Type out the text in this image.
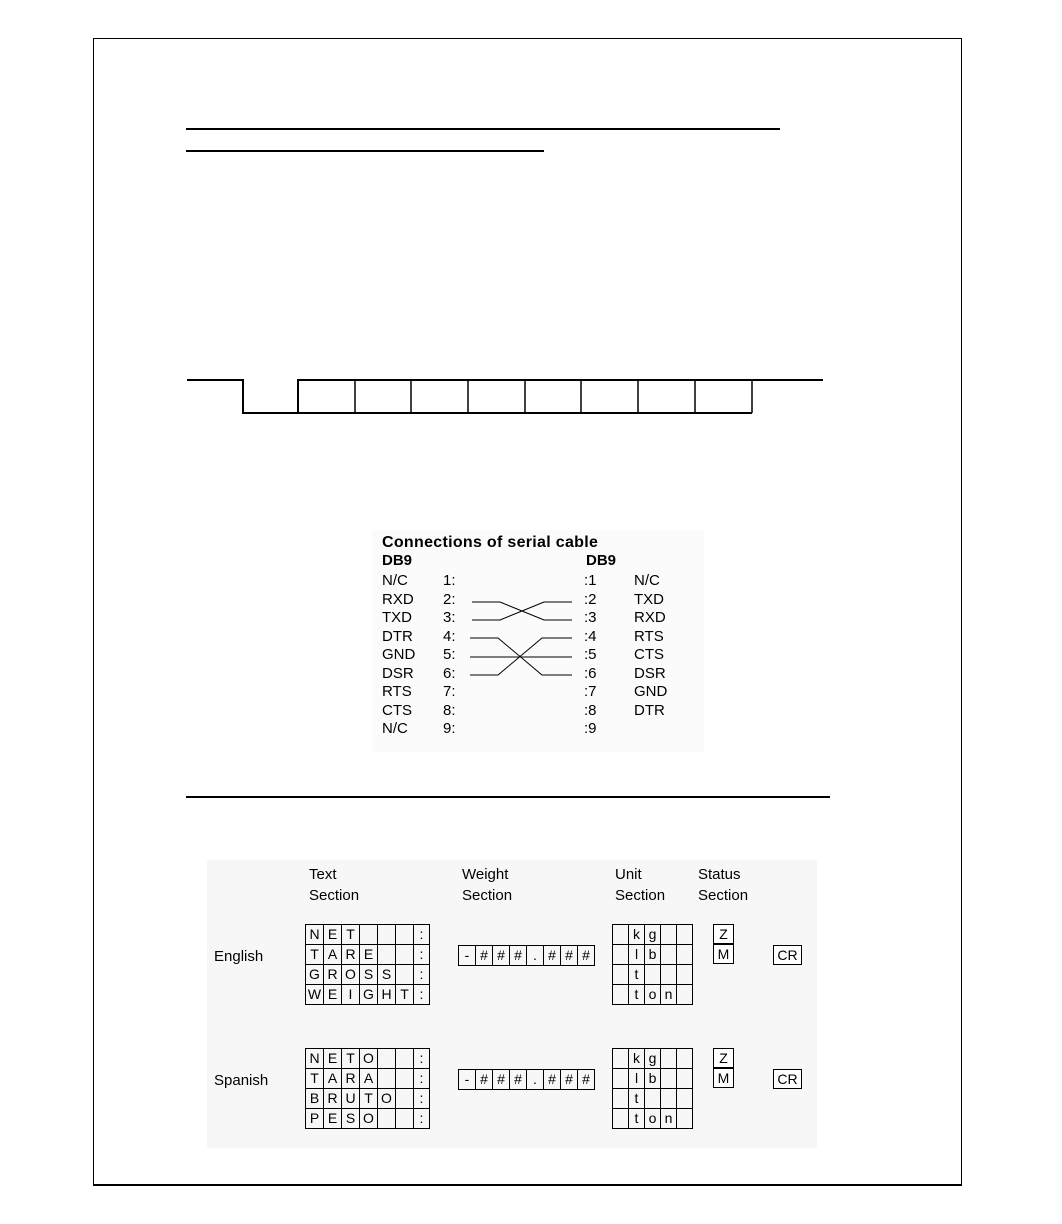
Connections of serial cable
DB9	DB9
N/C 1:	:1 N/C
RXD 2:	:2 TXD
TXD 3:	:3 RXD
DTR 4:	:4 RTS
GND 5:	:5 CTS
DSR 6:	:6 DSR
RTS 7:	:7 GND
CTS 8:	:8 DTR
N/C 9:	:9
Text
Section
Weight
Section
Unit
Section
Status
Section
English
N	E	T				:
T	A	R	E			:
G	R	O	S	S		:
W	E	I	G	H	T	:
-	#	#	#	.	#	#	#
	k	g		
	l	b		
	t			
	t	o	n	
Z
M	CR
Spanish
N	E	T	O			:
T	A	R	A			:
B	R	U	T	O		:
P	E	S	O			:
-	#	#	#	.	#	#	#
	k	g		
	l	b		
	t			
	t	o	n	
Z
M	CR
